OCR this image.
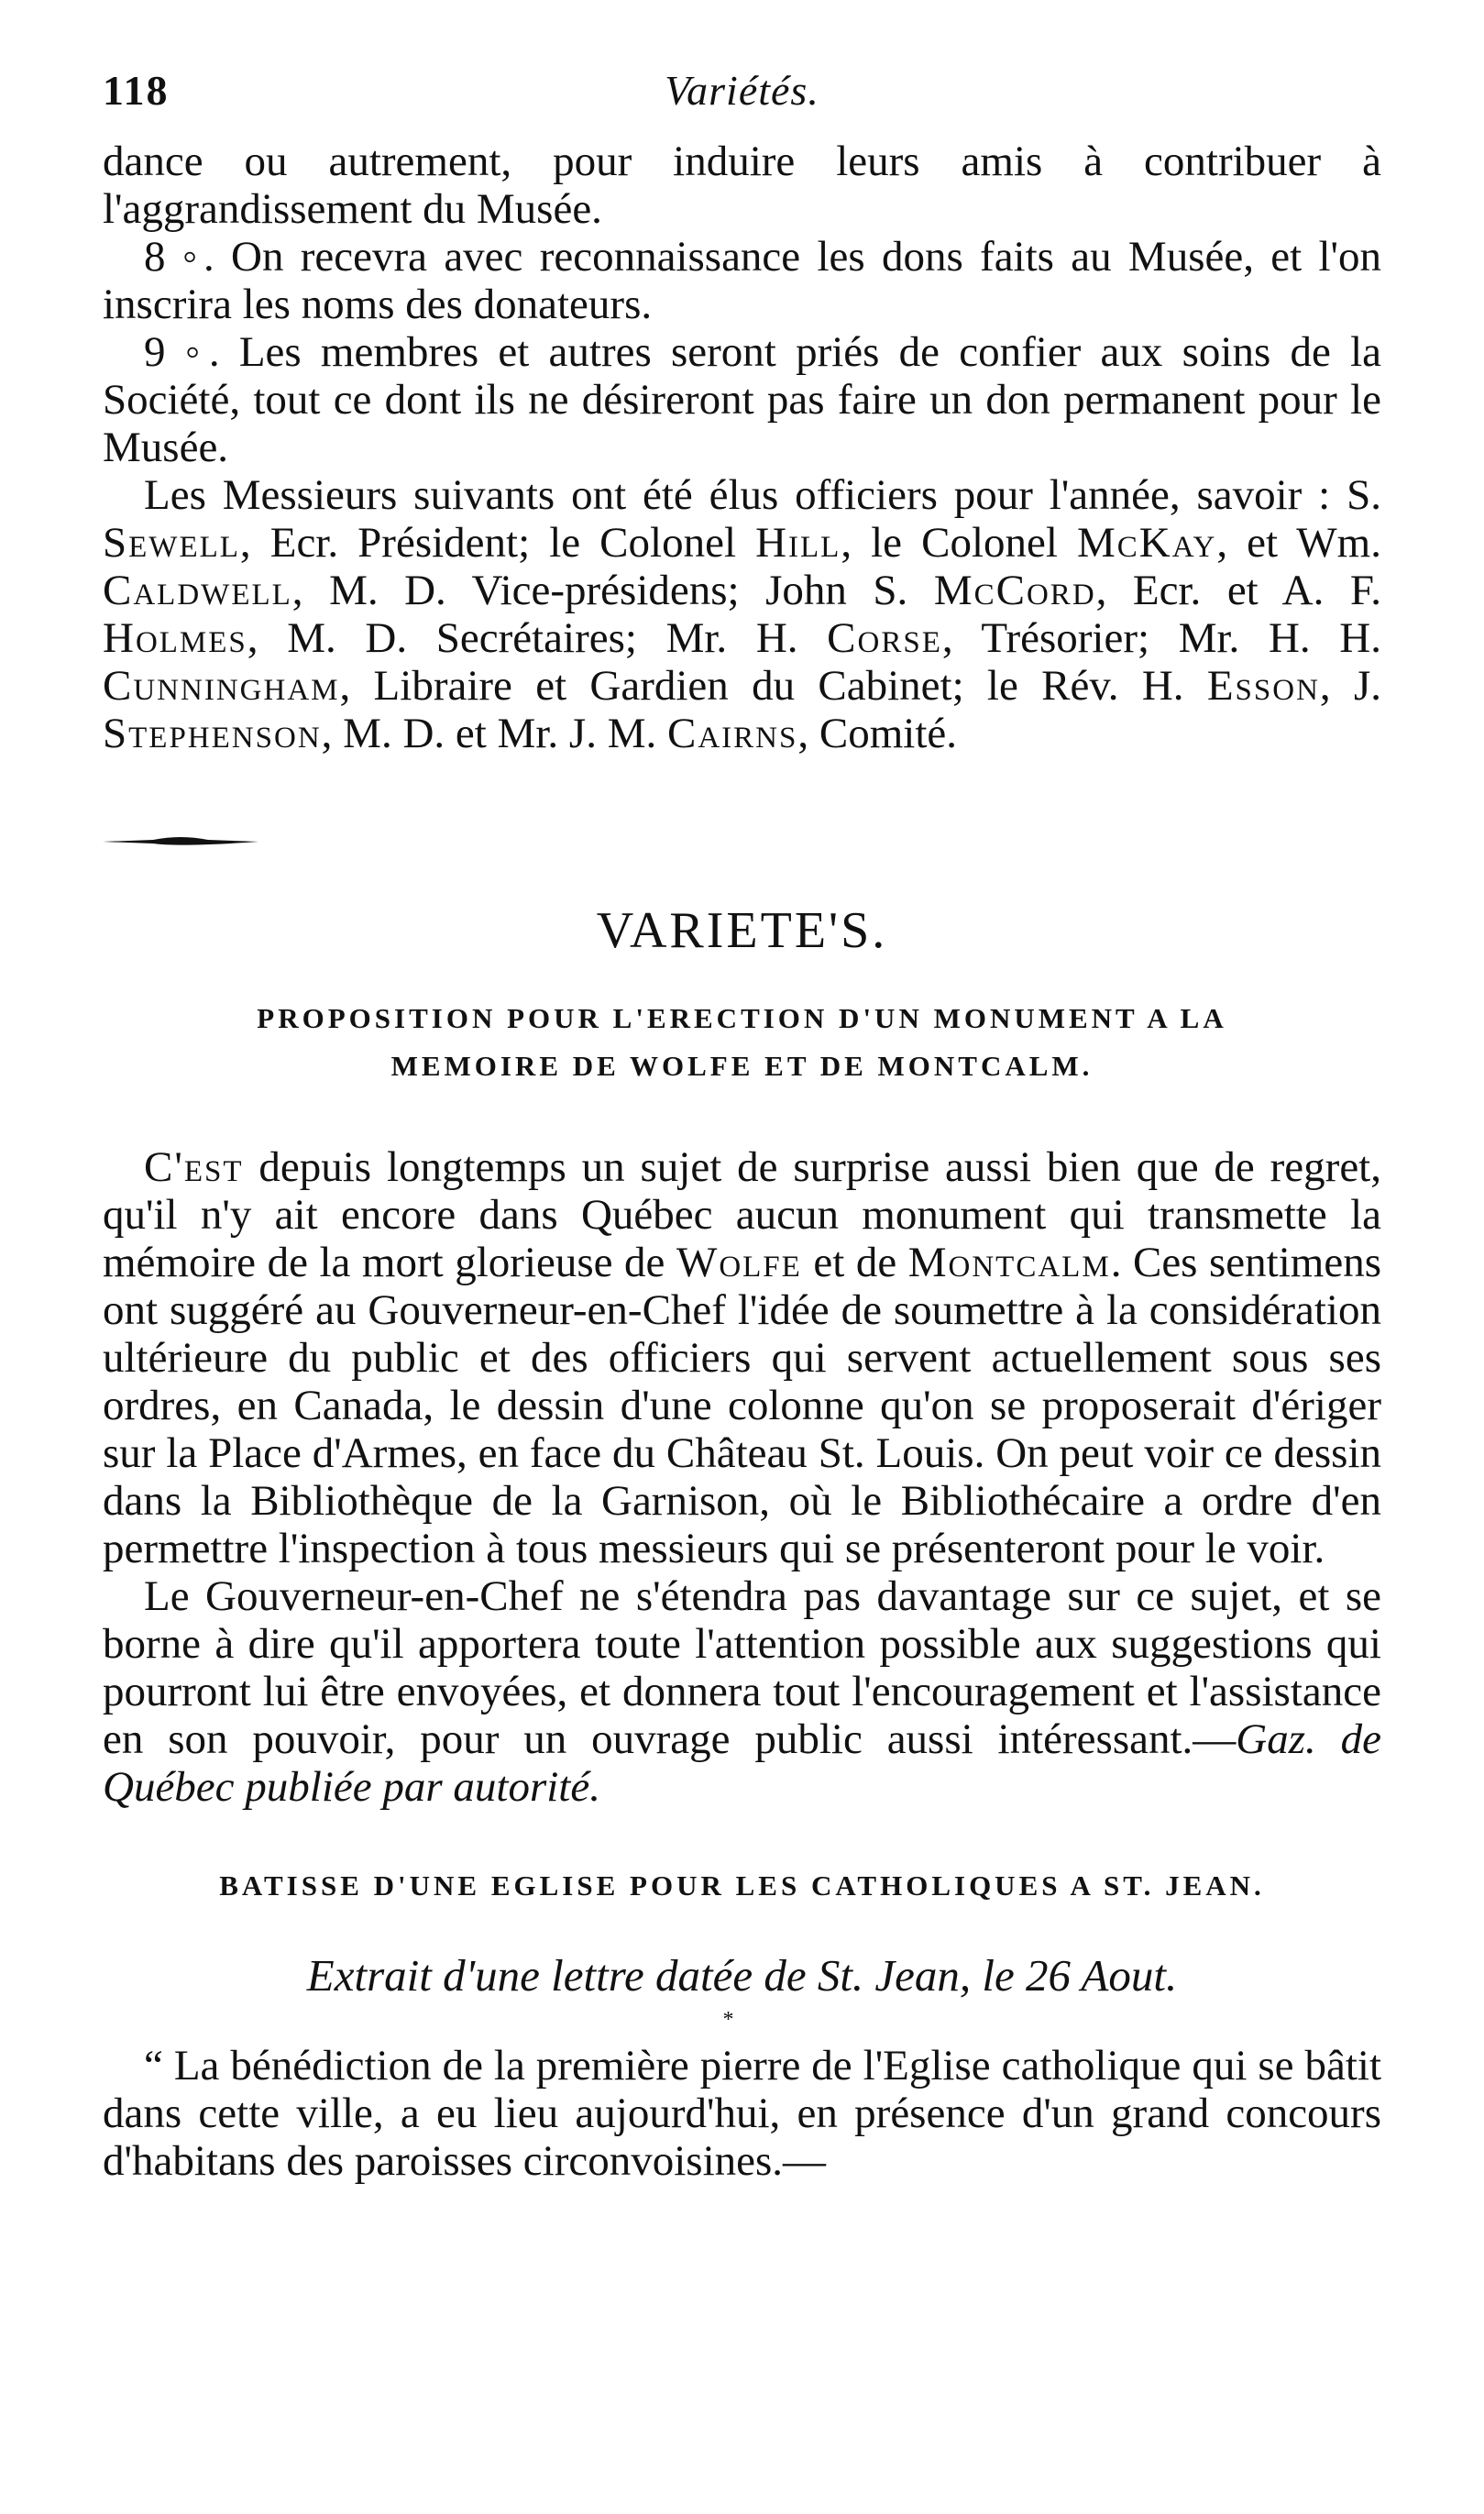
118	Variétés.

dance ou autrement, pour induire leurs amis à contribuer à l'aggrandissement du Musée.

8 ◦. On recevra avec reconnaissance les dons faits au Musée, et l'on inscrira les noms des donateurs.

9 ◦. Les membres et autres seront priés de confier aux soins de la Société, tout ce dont ils ne désireront pas faire un don permanent pour le Musée.

Les Messieurs suivants ont été élus officiers pour l'année, savoir : S. Sewell, Ecr. Président; le Colonel Hill, le Colonel McKay, et Wm. Caldwell, M. D. Vice-présidens; John S. McCord, Ecr. et A. F. Holmes, M. D. Secrétaires; Mr. H. Corse, Trésorier; Mr. H. H. Cunningham, Libraire et Gardien du Cabinet; le Rév. H. Esson, J. Stephenson, M. D. et Mr. J. M. Cairns, Comité.

VARIETE'S.
PROPOSITION POUR L'ERECTION D'UN MONUMENT A LA
MEMOIRE DE WOLFE ET DE MONTCALM.

C'est depuis longtemps un sujet de surprise aussi bien que de regret, qu'il n'y ait encore dans Québec aucun monument qui transmette la mémoire de la mort glorieuse de Wolfe et de Montcalm. Ces sentimens ont suggéré au Gouverneur-en-Chef l'idée de soumettre à la considération ultérieure du public et des officiers qui servent actuellement sous ses ordres, en Canada, le dessin d'une colonne qu'on se proposerait d'ériger sur la Place d'Armes, en face du Château St. Louis. On peut voir ce dessin dans la Bibliothèque de la Garnison, où le Bibliothécaire a ordre d'en permettre l'inspection à tous messieurs qui se présenteront pour le voir.

Le Gouverneur-en-Chef ne s'étendra pas davantage sur ce sujet, et se borne à dire qu'il apportera toute l'attention possible aux suggestions qui pourront lui être envoyées, et donnera tout l'encouragement et l'assistance en son pouvoir, pour un ouvrage public aussi intéressant.—Gaz. de Québec publiée par autorité.

BATISSE D'UNE EGLISE POUR LES CATHOLIQUES A ST. JEAN.
Extrait d'une lettre datée de St. Jean, le 26 Aout.
*

“ La bénédiction de la première pierre de l'Eglise catholique qui se bâtit dans cette ville, a eu lieu aujourd'hui, en présence d'un grand concours d'habitans des paroisses circonvoisines.—
